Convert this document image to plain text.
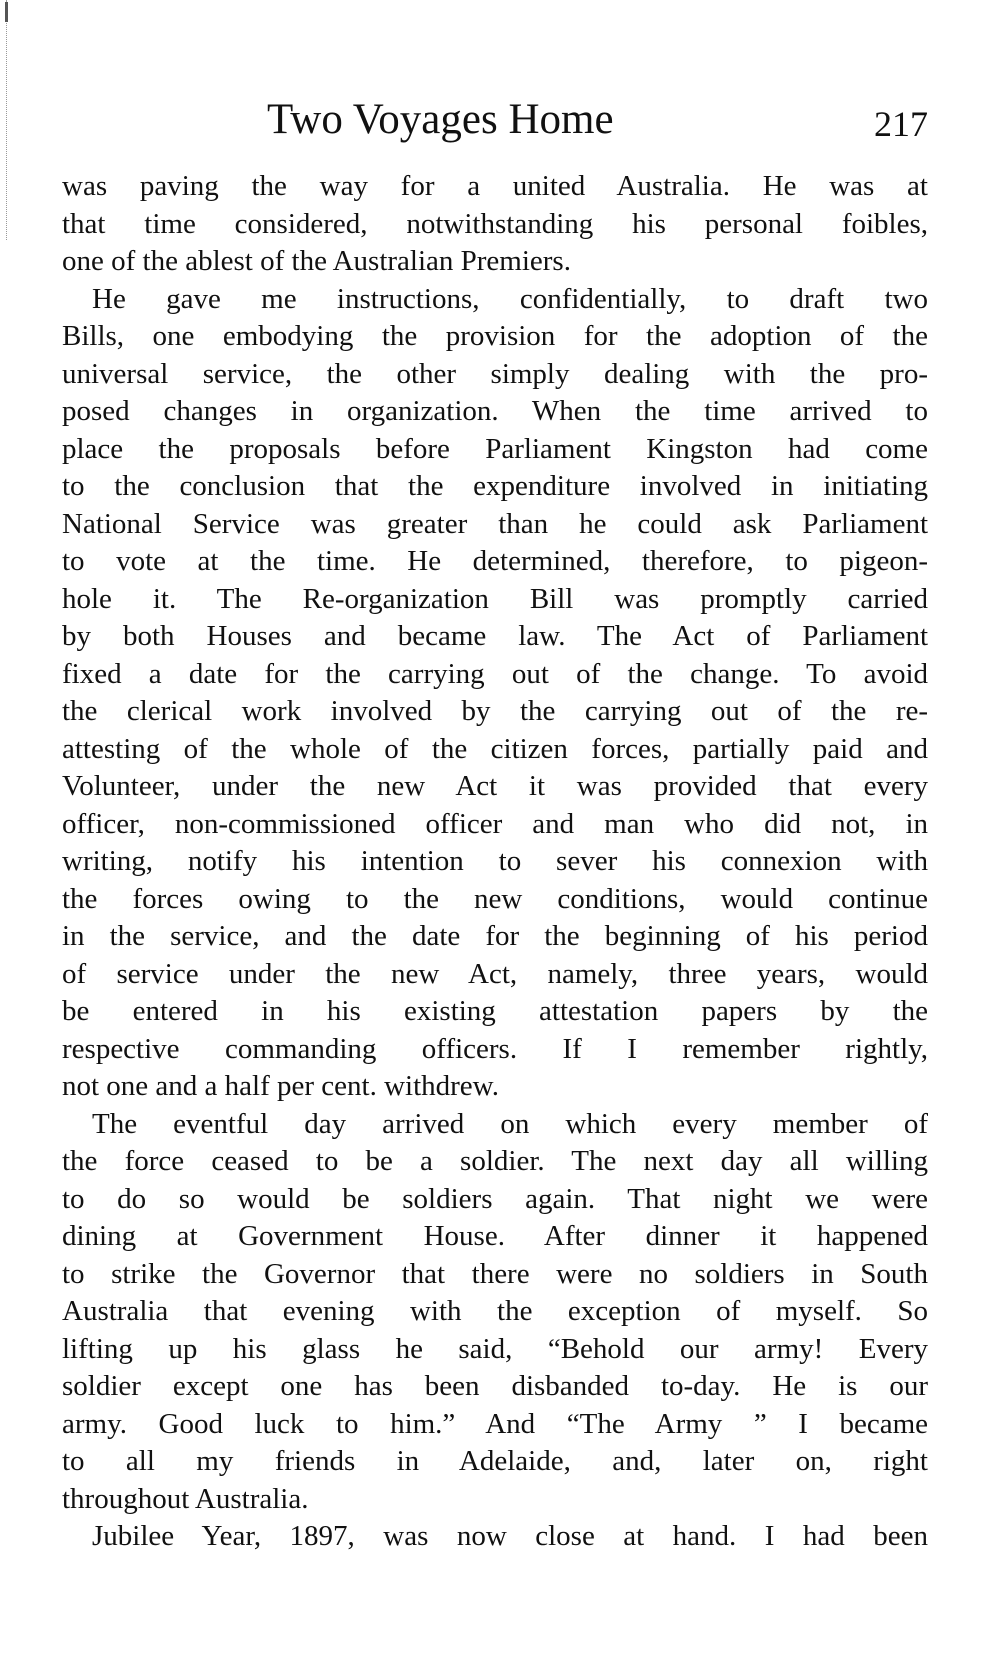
Two Voyages Home	217
was paving the way for a united Australia. He was at
that time considered, notwithstanding his personal foibles,
one of the ablest of the Australian Premiers.
He gave me instructions, confidentially, to draft two
Bills, one embodying the provision for the adoption of the
universal service, the other simply dealing with the pro-
posed changes in organization. When the time arrived to
place the proposals before Parliament Kingston had come
to the conclusion that the expenditure involved in initiating
National Service was greater than he could ask Parliament
to vote at the time. He determined, therefore, to pigeon-
hole it. The Re-organization Bill was promptly carried
by both Houses and became law. The Act of Parliament
fixed a date for the carrying out of the change. To avoid
the clerical work involved by the carrying out of the re-
attesting of the whole of the citizen forces, partially paid and
Volunteer, under the new Act it was provided that every
officer, non-commissioned officer and man who did not, in
writing, notify his intention to sever his connexion with
the forces owing to the new conditions, would continue
in the service, and the date for the beginning of his period
of service under the new Act, namely, three years, would
be entered in his existing attestation papers by the
respective commanding officers. If I remember rightly,
not one and a half per cent. withdrew.
The eventful day arrived on which every member of
the force ceased to be a soldier. The next day all willing
to do so would be soldiers again. That night we were
dining at Government House. After dinner it happened
to strike the Governor that there were no soldiers in South
Australia that evening with the exception of myself. So
lifting up his glass he said, “Behold our army! Every
soldier except one has been disbanded to-day. He is our
army. Good luck to him.” And “The Army ” I became
to all my friends in Adelaide, and, later on, right
throughout Australia.
Jubilee Year, 1897, was now close at hand. I had been
